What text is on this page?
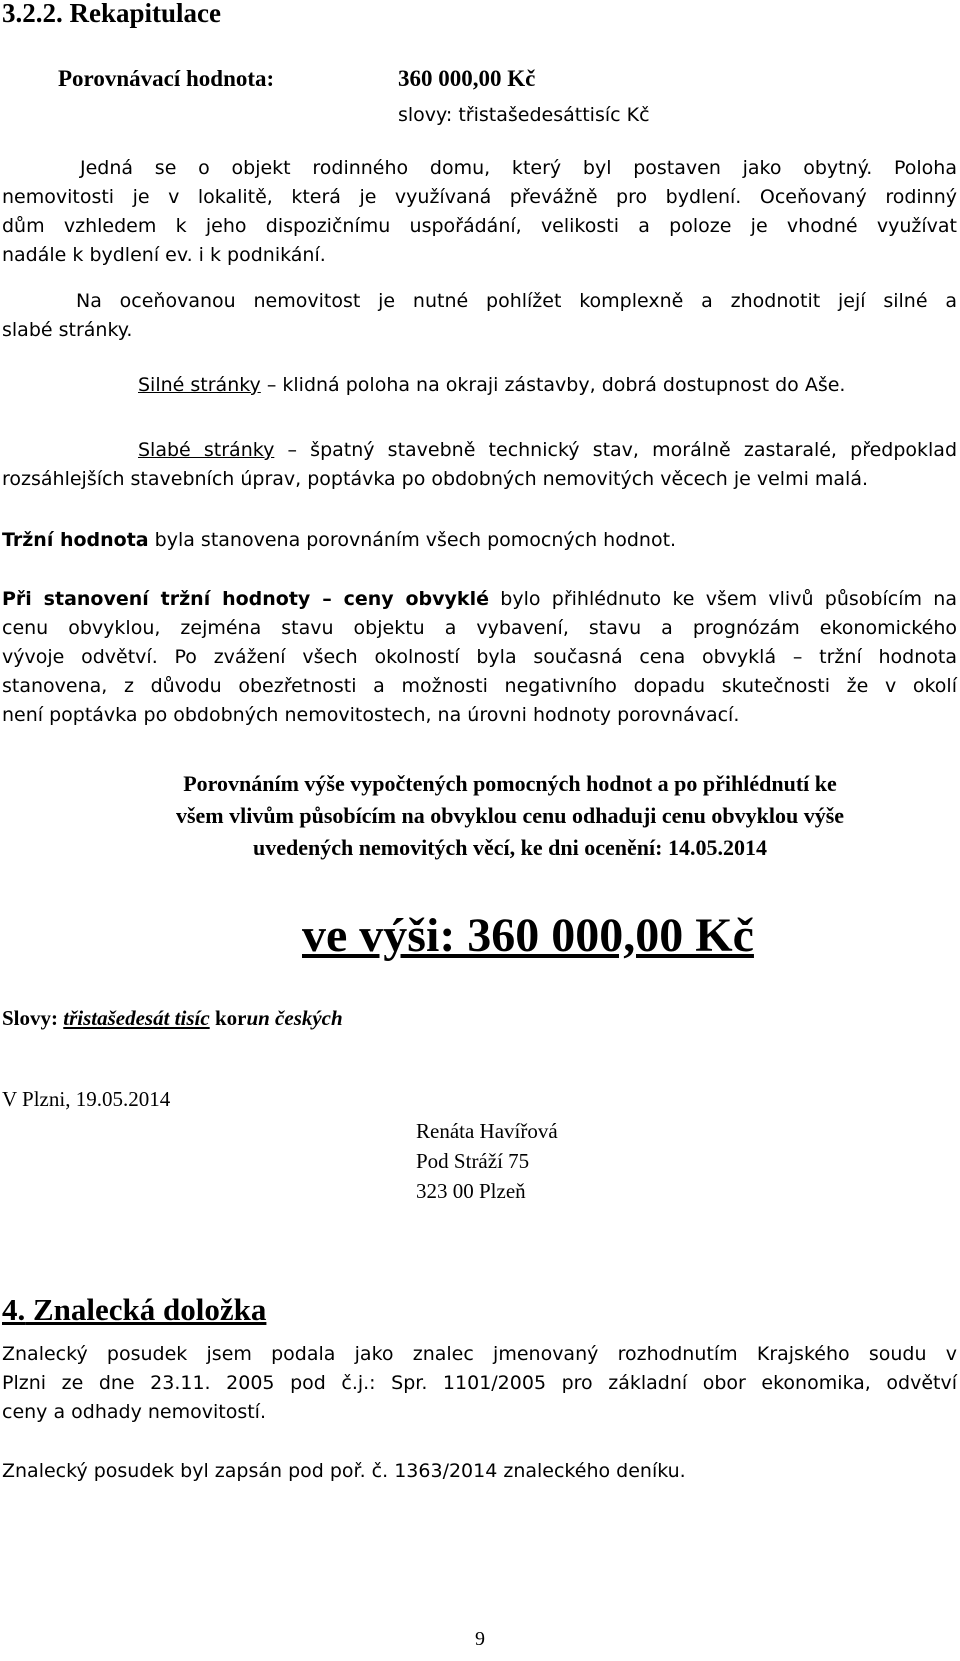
3.2.2. Rekapitulace
Porovnávací hodnota:	360 000,00 Kč
slovy: třistašedesáttisíc Kč

Jedná se o objekt rodinného domu, který byl postaven jako obytný. Poloha

nemovitosti je v lokalitě, která je využívaná převážně pro bydlení. Oceňovaný rodinný

dům vzhledem k jeho dispozičnímu uspořádání, velikosti a poloze je vhodné využívat

nadále k bydlení ev. i k podnikání.

Na oceňovanou nemovitost je nutné pohlížet komplexně a zhodnotit její silné a

slabé stránky.

Silné stránky – klidná poloha na okraji zástavby, dobrá dostupnost do Aše.

Slabé stránky – špatný stavebně technický stav, morálně zastaralé, předpoklad

rozsáhlejších stavebních úprav, poptávka po obdobných nemovitých věcech je velmi malá.

Tržní hodnota byla stanovena porovnáním všech pomocných hodnot.

Při stanovení tržní hodnoty – ceny obvyklé bylo přihlédnuto ke všem vlivů působícím na

cenu obvyklou, zejména stavu objektu a vybavení, stavu a prognózám ekonomického

vývoje odvětví. Po zvážení všech okolností byla současná cena obvyklá – tržní hodnota

stanovena, z důvodu obezřetnosti a možnosti negativního dopadu skutečnosti že v okolí

není poptávka po obdobných nemovitostech, na úrovni hodnoty porovnávací.

Porovnáním výše vypočtených pomocných hodnot a po přihlédnutí ke

všem vlivům působícím na obvyklou cenu odhaduji cenu obvyklou výše

uvedených nemovitých věcí, ke dni ocenění: 14.05.2014

ve výši: 360 000,00 Kč
Slovy: třistašedesát tisíc korun českých
V Plzni, 19.05.2014

Renáta Havířová

Pod Stráží 75

323 00 Plzeň

4. Znalecká doložka

Znalecký posudek jsem podala jako znalec jmenovaný rozhodnutím Krajského soudu v

Plzni ze dne 23.11. 2005 pod č.j.: Spr. 1101/2005 pro základní obor ekonomika, odvětví

ceny a odhady nemovitostí.

Znalecký posudek byl zapsán pod poř. č. 1363/2014 znaleckého deníku.
9
